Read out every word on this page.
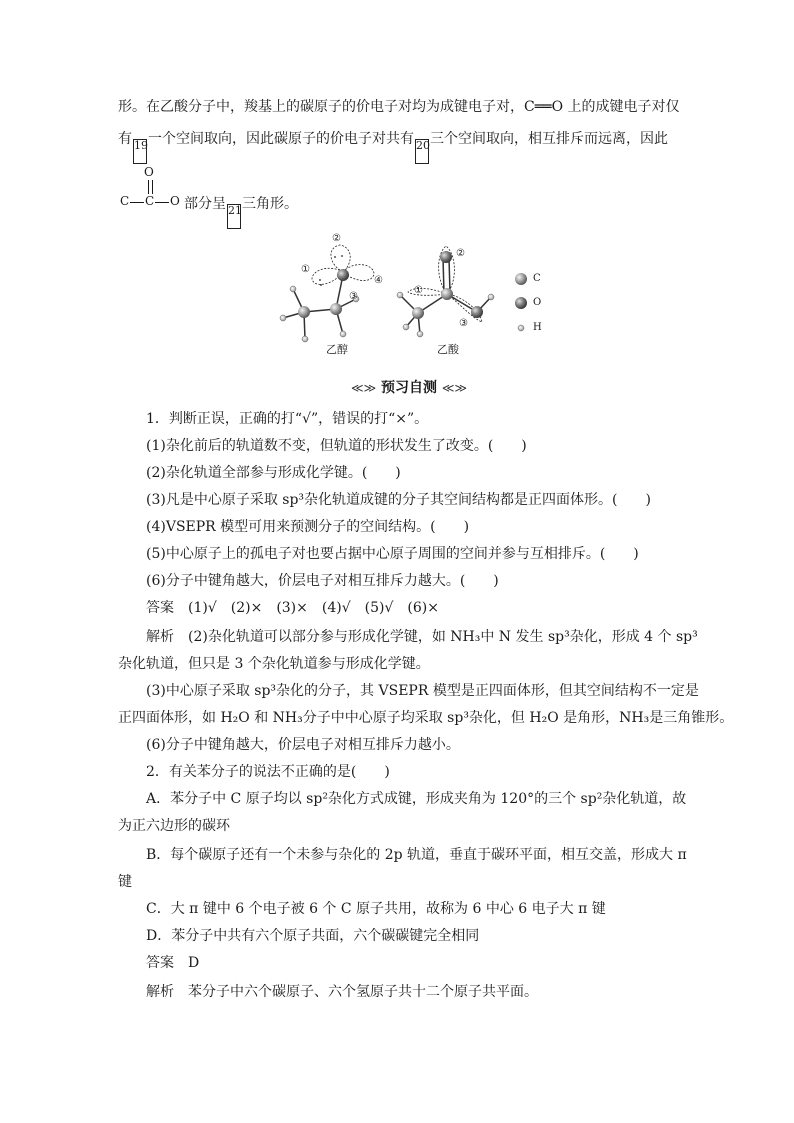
形。在乙酸分子中，羧基上的碳原子的价电子对均为成键电子对，C══O 上的成键电子对仅
有 19一个空间取向，因此碳原子的价电子对共有 20三个空间取向，相互排斥而远离，因此
O
C C O 部分呈 21三角形。
②
①
③
④
②
①
③
C
O
H
乙醇	乙酸
≪≫ 预习自测 ≪≫
1．判断正误，正确的打“√”，错误的打“×”。
(1)杂化前后的轨道数不变，但轨道的形状发生了改变。(　　)
(2)杂化轨道全部参与形成化学键。(　　)
(3)凡是中心原子采取 sp³杂化轨道成键的分子其空间结构都是正四面体形。(　　)
(4)VSEPR 模型可用来预测分子的空间结构。(　　)
(5)中心原子上的孤电子对也要占据中心原子周围的空间并参与互相排斥。(　　)
(6)分子中键角越大，价层电子对相互排斥力越大。(　　)
答案　 (1)√　(2)×　(3)×　(4)√　(5)√　(6)×
解析　 (2)杂化轨道可以部分参与形成化学键，如 NH₃中 N 发生 sp³杂化，形成 4 个 sp³
杂化轨道，但只是 3 个杂化轨道参与形成化学键。
(3)中心原子采取 sp³杂化的分子，其 VSEPR 模型是正四面体形，但其空间结构不一定是
正四面体形，如 H₂O 和 NH₃分子中中心原子均采取 sp³杂化，但 H₂O 是角形，NH₃是三角锥形。
(6)分子中键角越大，价层电子对相互排斥力越小。
2．有关苯分子的说法不正确的是(　　)
A．苯分子中 C 原子均以 sp²杂化方式成键，形成夹角为 120°的三个 sp²杂化轨道，故
为正六边形的碳环
B．每个碳原子还有一个未参与杂化的 2p 轨道，垂直于碳环平面，相互交盖，形成大 π
键
C．大 π 键中 6 个电子被 6 个 C 原子共用，故称为 6 中心 6 电子大 π 键
D．苯分子中共有六个原子共面，六个碳碳键完全相同
答案　 D
解析　 苯分子中六个碳原子、六个氢原子共十二个原子共平面。
